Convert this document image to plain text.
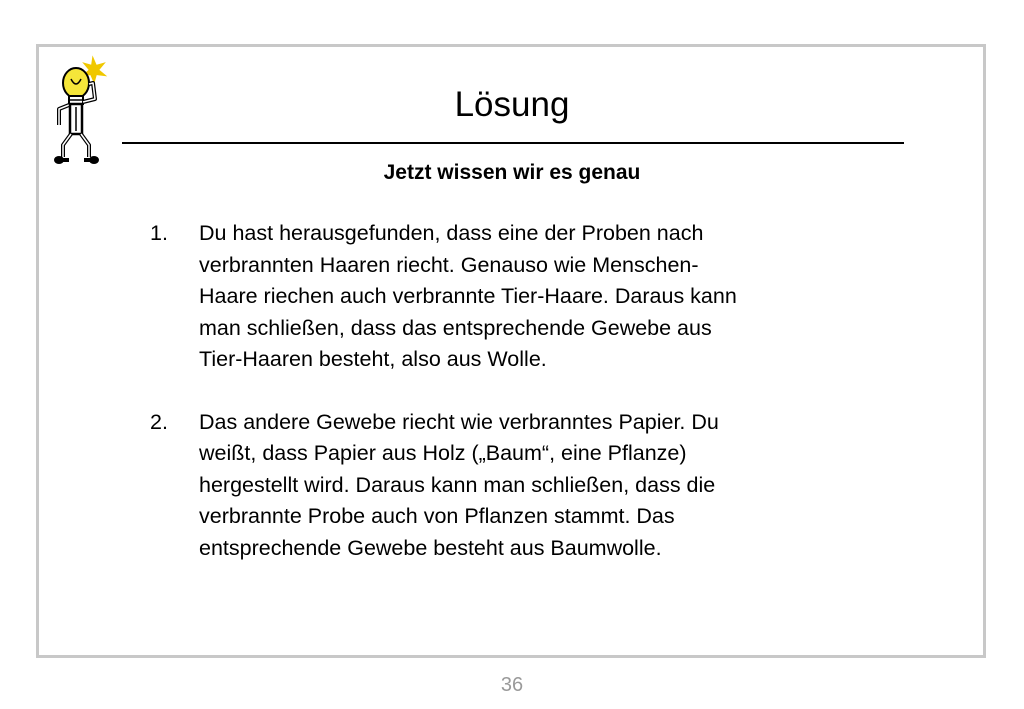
Lösung
Jetzt wissen wir es genau
1.	Du hast herausgefunden, dass eine der Proben nach
verbrannten Haaren riecht. Genauso wie Menschen-
Haare riechen auch verbrannte Tier-Haare. Daraus kann
man schließen, dass das entsprechende Gewebe aus
Tier-Haaren besteht, also aus Wolle.
2.	Das andere Gewebe riecht wie verbranntes Papier. Du
weißt, dass Papier aus Holz („Baum“, eine Pflanze)
hergestellt wird. Daraus kann man schließen, dass die
verbrannte Probe auch von Pflanzen stammt. Das
entsprechende Gewebe besteht aus Baumwolle.
36
